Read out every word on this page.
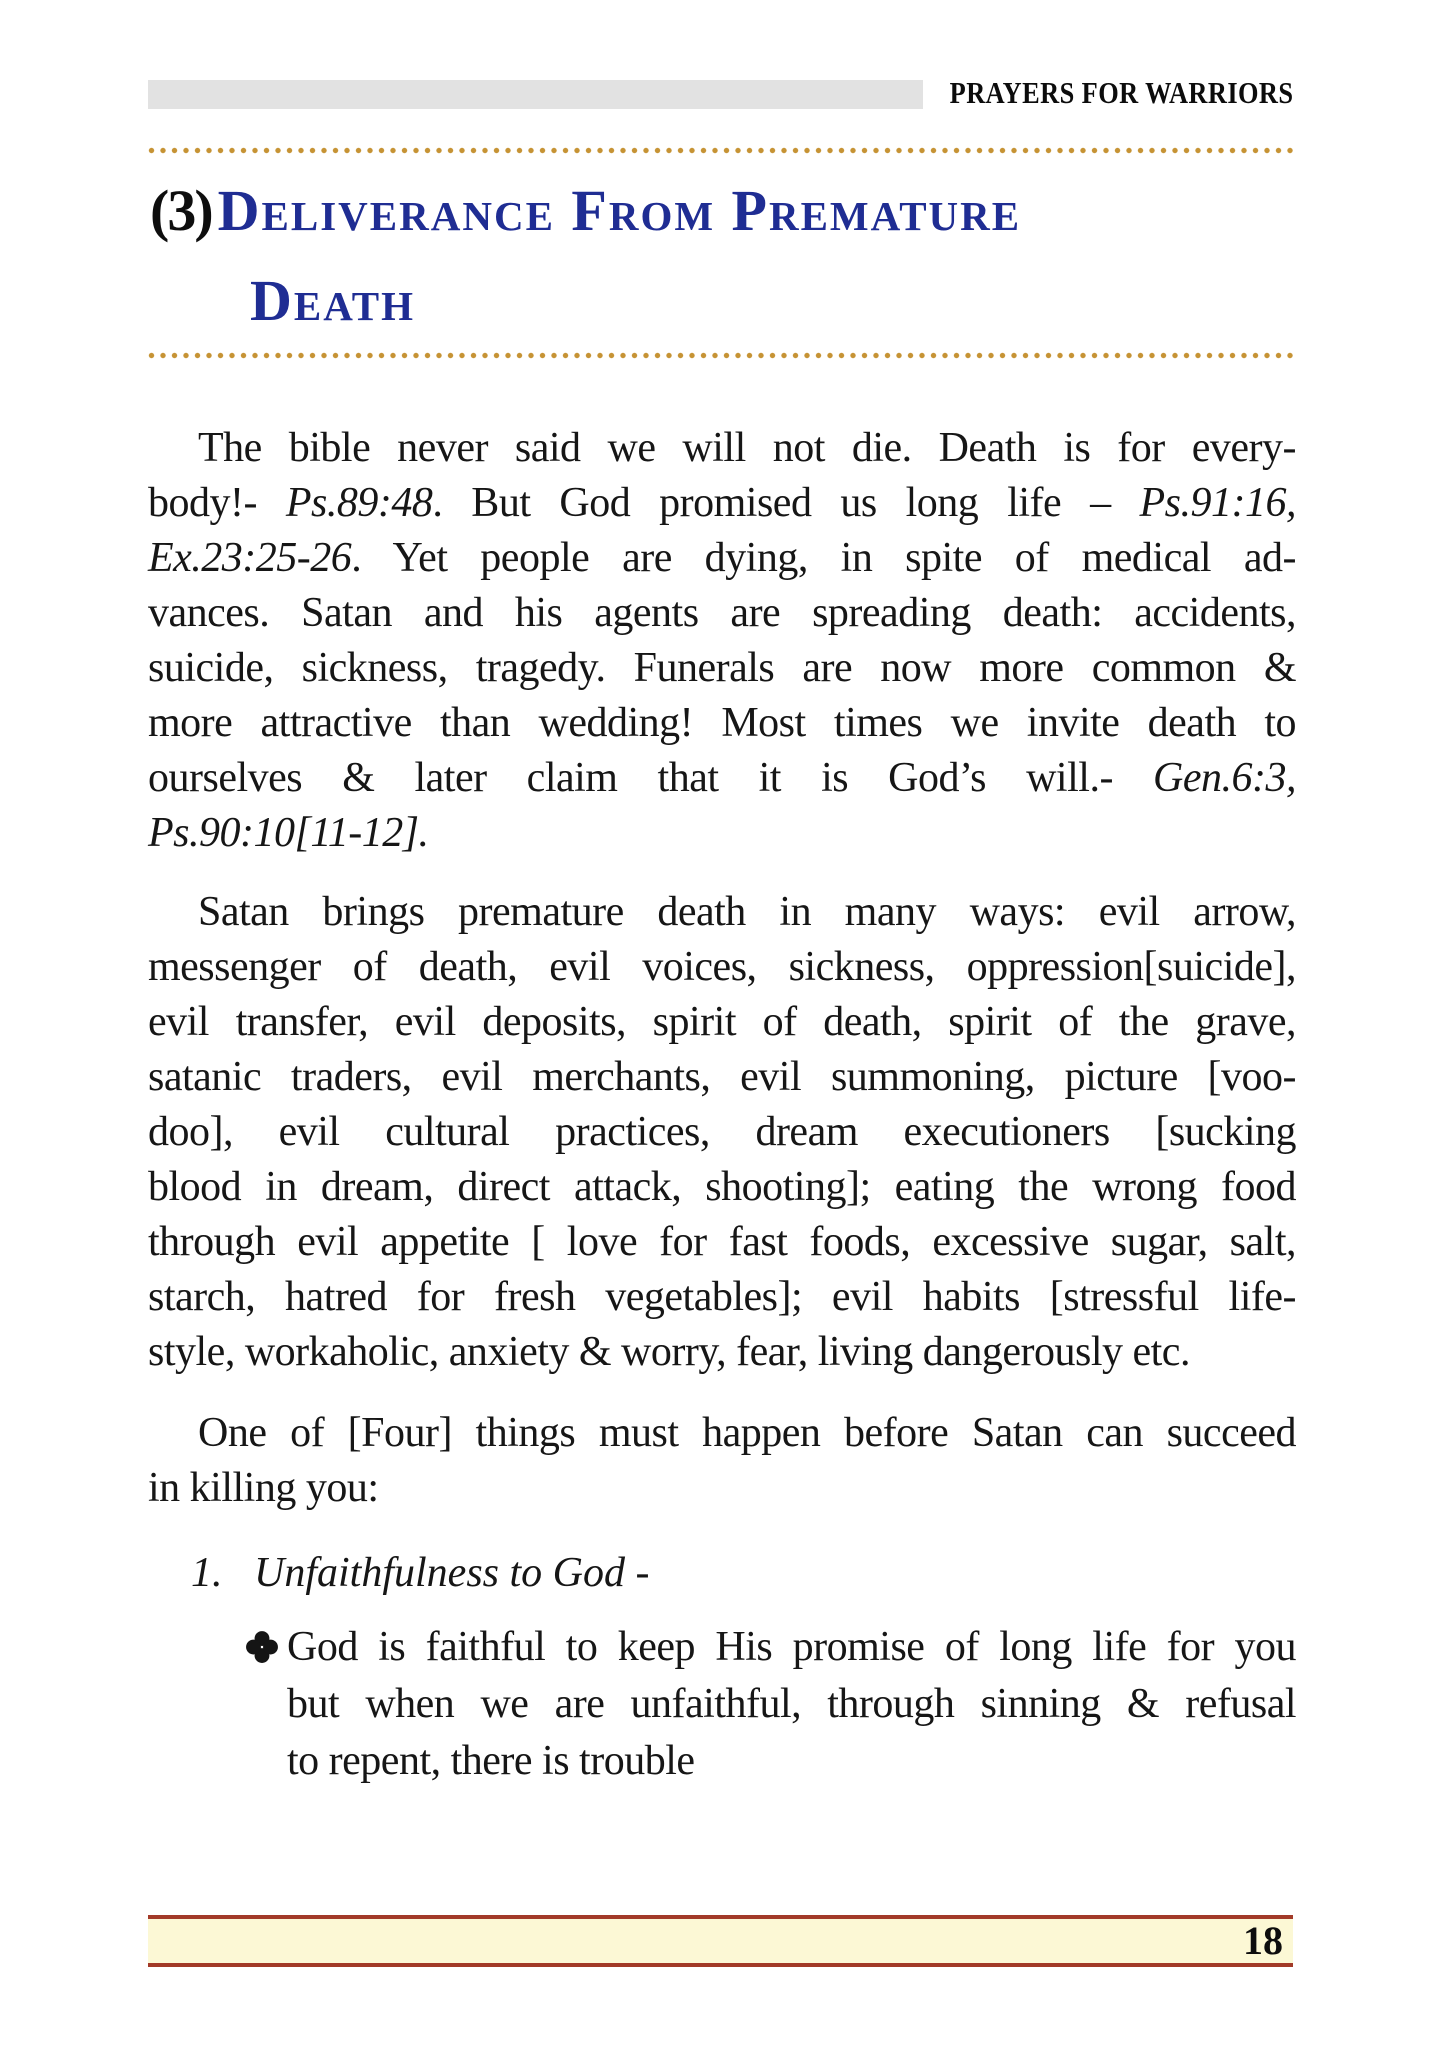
PRAYERS FOR WARRIORS
(3) Deliverance From Premature
Death
The bible never said we will not die. Death is for every-
body!- Ps.89:48. But God promised us long life – Ps.91:16,
Ex.23:25-26. Yet people are dying, in spite of medical ad-
vances. Satan and his agents are spreading death: accidents,
suicide, sickness, tragedy. Funerals are now more common &
more attractive than wedding! Most times we invite death to
ourselves & later claim that it is God’s will.- Gen.6:3,
Ps.90:10[11-12].
Satan brings premature death in many ways: evil arrow,
messenger of death, evil voices, sickness, oppression[suicide],
evil transfer, evil deposits, spirit of death, spirit of the grave,
satanic traders, evil merchants, evil summoning, picture [voo-
doo], evil cultural practices, dream executioners [sucking
blood in dream, direct attack, shooting]; eating the wrong food
through evil appetite [ love for fast foods, excessive sugar, salt,
starch, hatred for fresh vegetables]; evil habits [stressful life-
style, workaholic, anxiety & worry, fear, living dangerously etc.
One of [Four] things must happen before Satan can succeed
in killing you:
1. Unfaithfulness to God -
God is faithful to keep His promise of long life for you
but when we are unfaithful, through sinning & refusal
to repent, there is trouble
18
